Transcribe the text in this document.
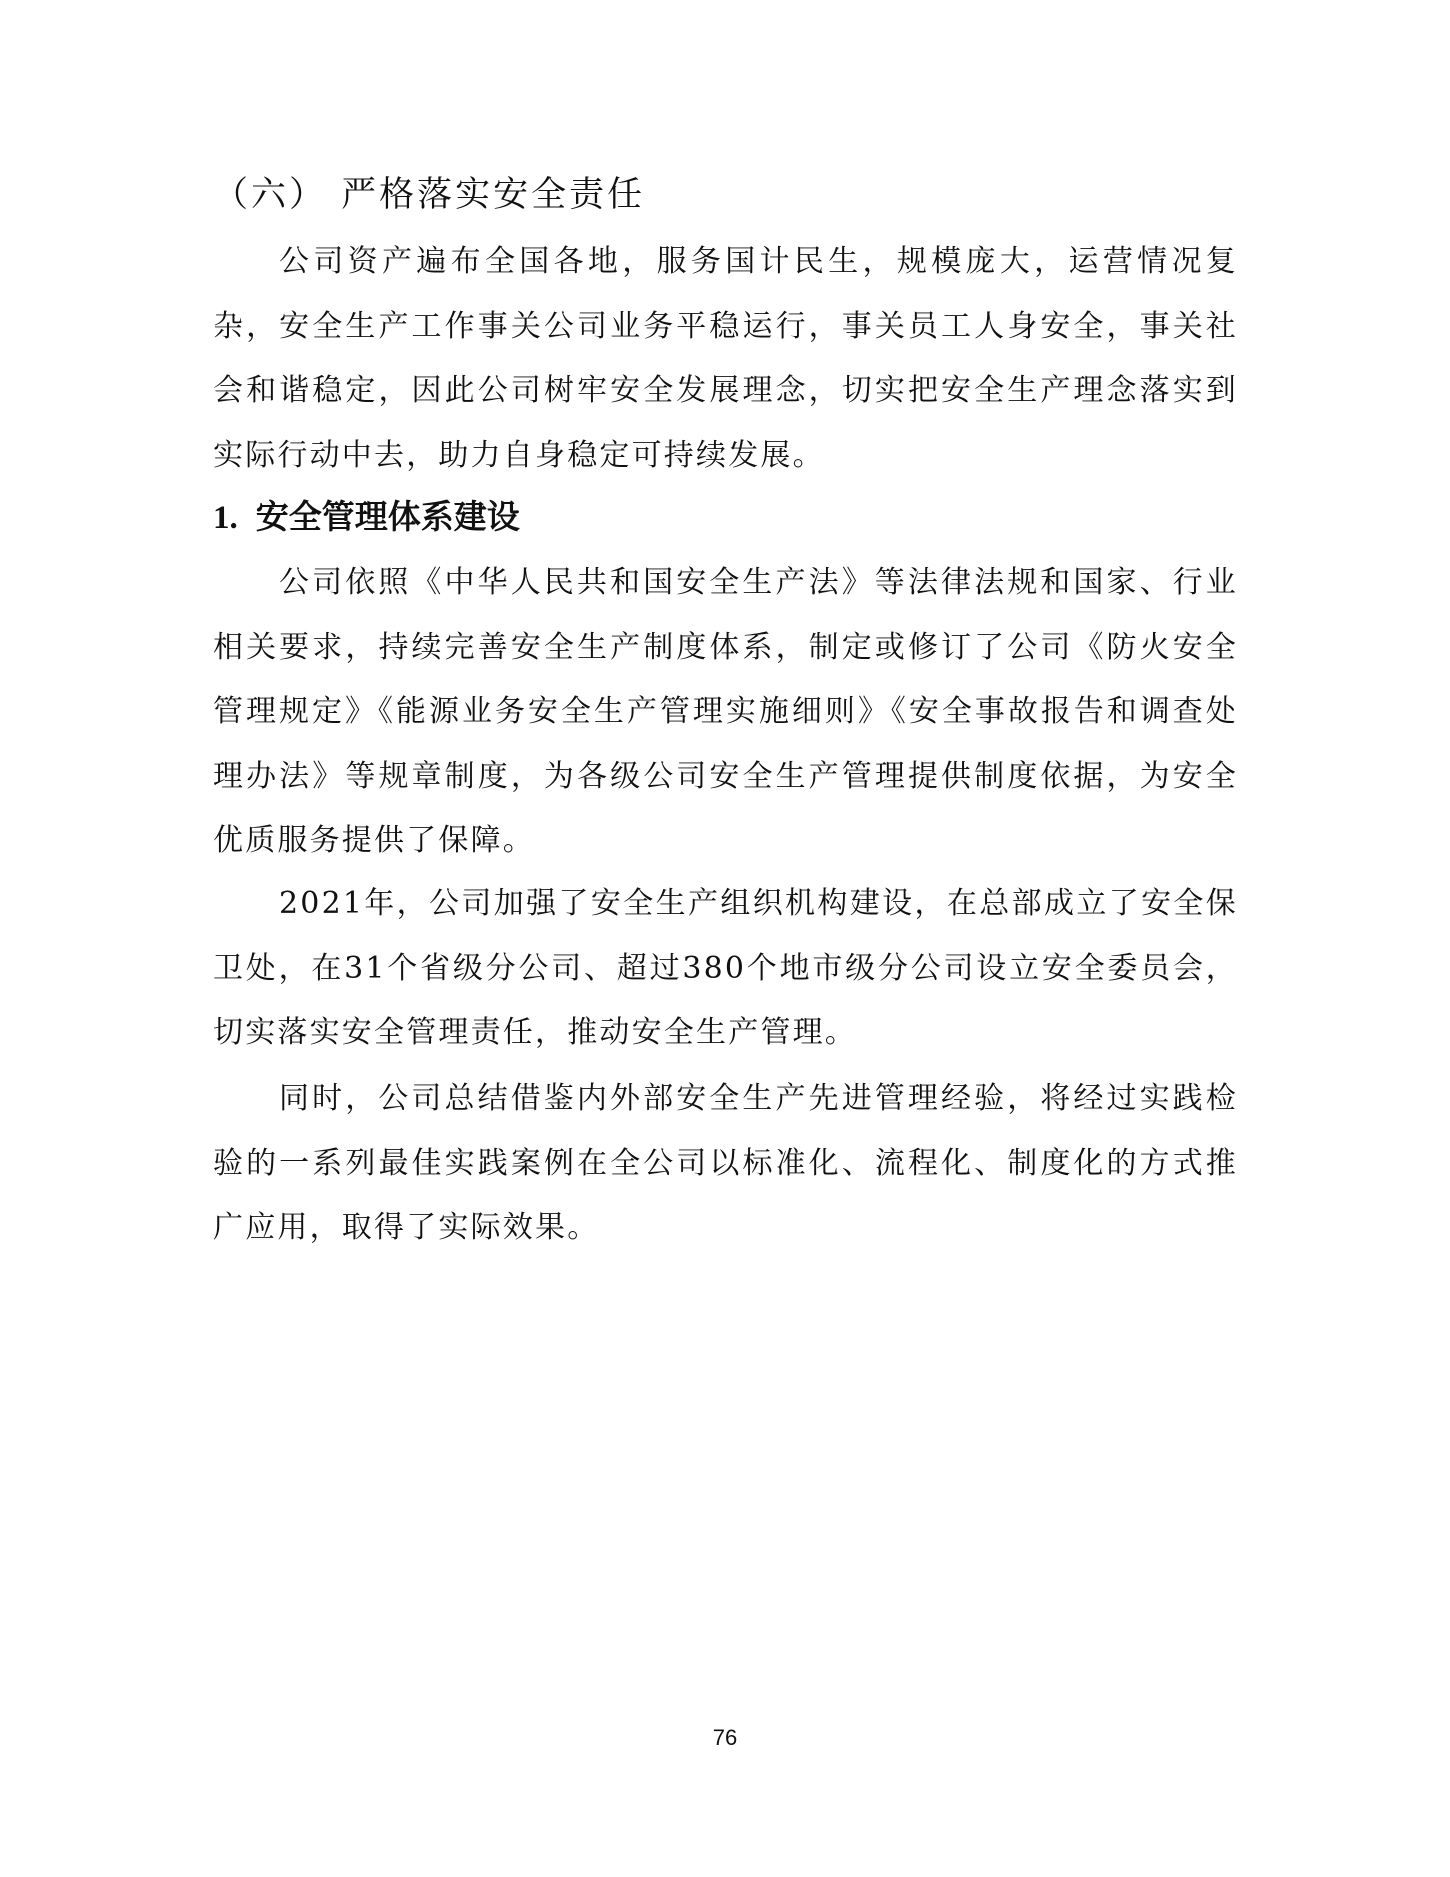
（六） 严格落实安全责任

公司资产遍布全国各地，服务国计民生，规模庞大，运营情况复杂，安全生产工作事关公司业务平稳运行，事关员工人身安全，事关社会和谐稳定，因此公司树牢安全发展理念，切实把安全生产理念落实到实际行动中去，助力自身稳定可持续发展。

1. 安全管理体系建设

公司依照《中华人民共和国安全生产法》等法律法规和国家、行业相关要求，持续完善安全生产制度体系，制定或修订了公司《防火安全管理规定》《能源业务安全生产管理实施细则》《安全事故报告和调查处理办法》等规章制度，为各级公司安全生产管理提供制度依据，为安全优质服务提供了保障。

2021年，公司加强了安全生产组织机构建设，在总部成立了安全保卫处，在31个省级分公司、超过380个地市级分公司设立安全委员会，切实落实安全管理责任，推动安全生产管理。

同时，公司总结借鉴内外部安全生产先进管理经验，将经过实践检验的一系列最佳实践案例在全公司以标准化、流程化、制度化的方式推广应用，取得了实际效果。

76
